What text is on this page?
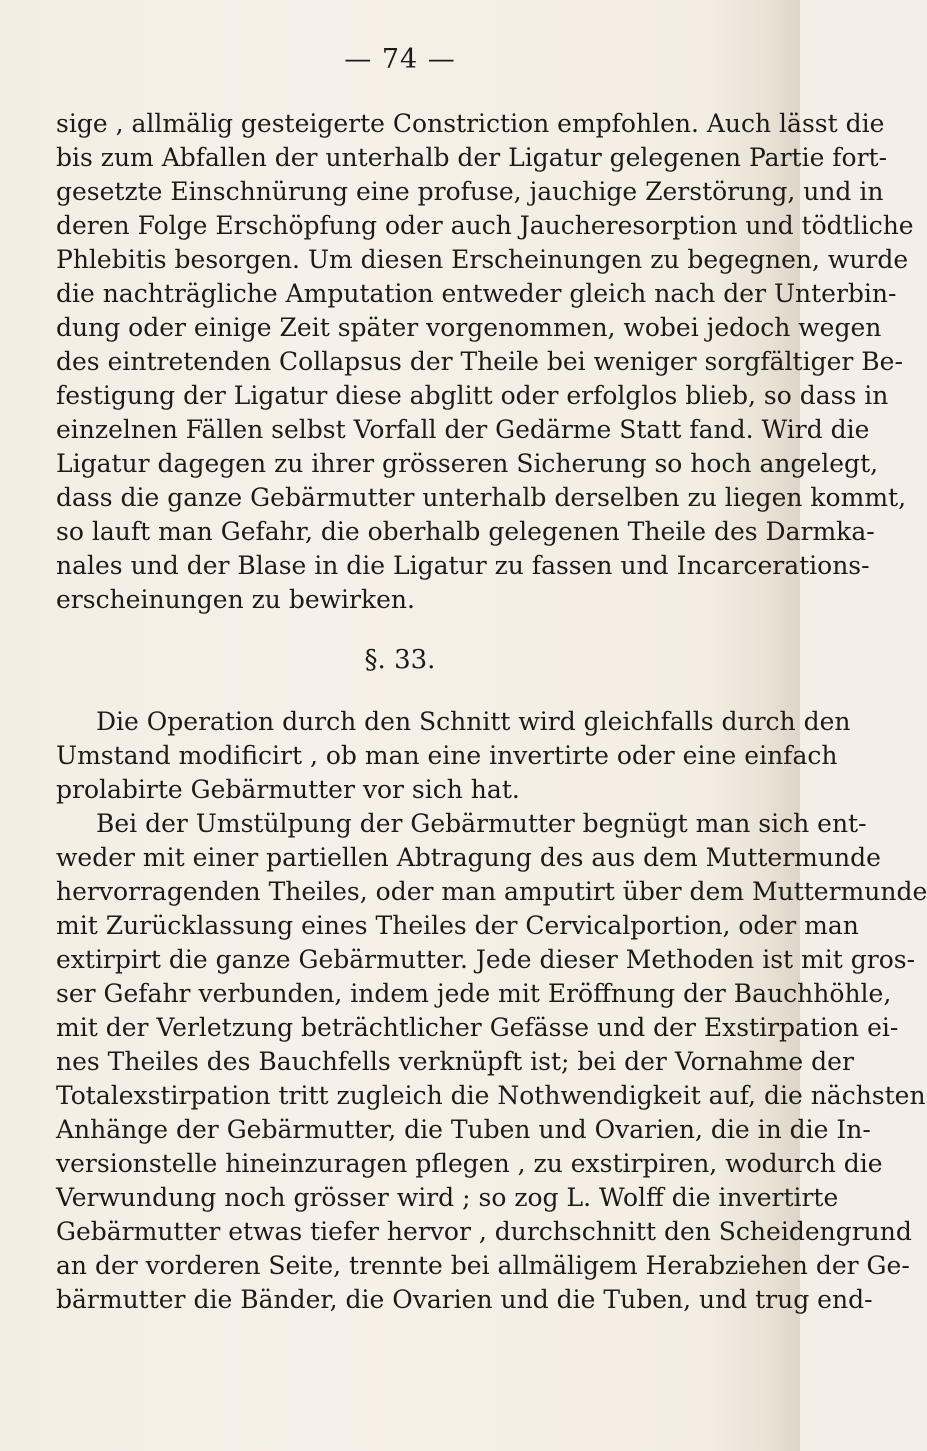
— 74 —
sige , allmälig gesteigerte Constriction empfohlen. Auch lässt die
bis zum Abfallen der unterhalb der Ligatur gelegenen Partie fort-
gesetzte Einschnürung eine profuse, jauchige Zerstörung, und in
deren Folge Erschöpfung oder auch Jaucheresorption und tödtliche
Phlebitis besorgen. Um diesen Erscheinungen zu begegnen, wurde
die nachträgliche Amputation entweder gleich nach der Unterbin-
dung oder einige Zeit später vorgenommen, wobei jedoch wegen
des eintretenden Collapsus der Theile bei weniger sorgfältiger Be-
festigung der Ligatur diese abglitt oder erfolglos blieb, so dass in
einzelnen Fällen selbst Vorfall der Gedärme Statt fand. Wird die
Ligatur dagegen zu ihrer grösseren Sicherung so hoch angelegt,
dass die ganze Gebärmutter unterhalb derselben zu liegen kommt,
so lauft man Gefahr, die oberhalb gelegenen Theile des Darmka-
nales und der Blase in die Ligatur zu fassen und Incarcerations-
erscheinungen zu bewirken.
§. 33.
Die Operation durch den Schnitt wird gleichfalls durch den
Umstand modificirt , ob man eine invertirte oder eine einfach
prolabirte Gebärmutter vor sich hat.
Bei der Umstülpung der Gebärmutter begnügt man sich ent-
weder mit einer partiellen Abtragung des aus dem Muttermunde
hervorragenden Theiles, oder man amputirt über dem Muttermunde
mit Zurücklassung eines Theiles der Cervicalportion, oder man
extirpirt die ganze Gebärmutter. Jede dieser Methoden ist mit gros-
ser Gefahr verbunden, indem jede mit Eröffnung der Bauchhöhle,
mit der Verletzung beträchtlicher Gefässe und der Exstirpation ei-
nes Theiles des Bauchfells verknüpft ist; bei der Vornahme der
Totalexstirpation tritt zugleich die Nothwendigkeit auf, die nächsten
Anhänge der Gebärmutter, die Tuben und Ovarien, die in die In-
versionstelle hineinzuragen pflegen , zu exstirpiren, wodurch die
Verwundung noch grösser wird ; so zog L. Wolff die invertirte
Gebärmutter etwas tiefer hervor , durchschnitt den Scheidengrund
an der vorderen Seite, trennte bei allmäligem Herabziehen der Ge-
bärmutter die Bänder, die Ovarien und die Tuben, und trug end-
